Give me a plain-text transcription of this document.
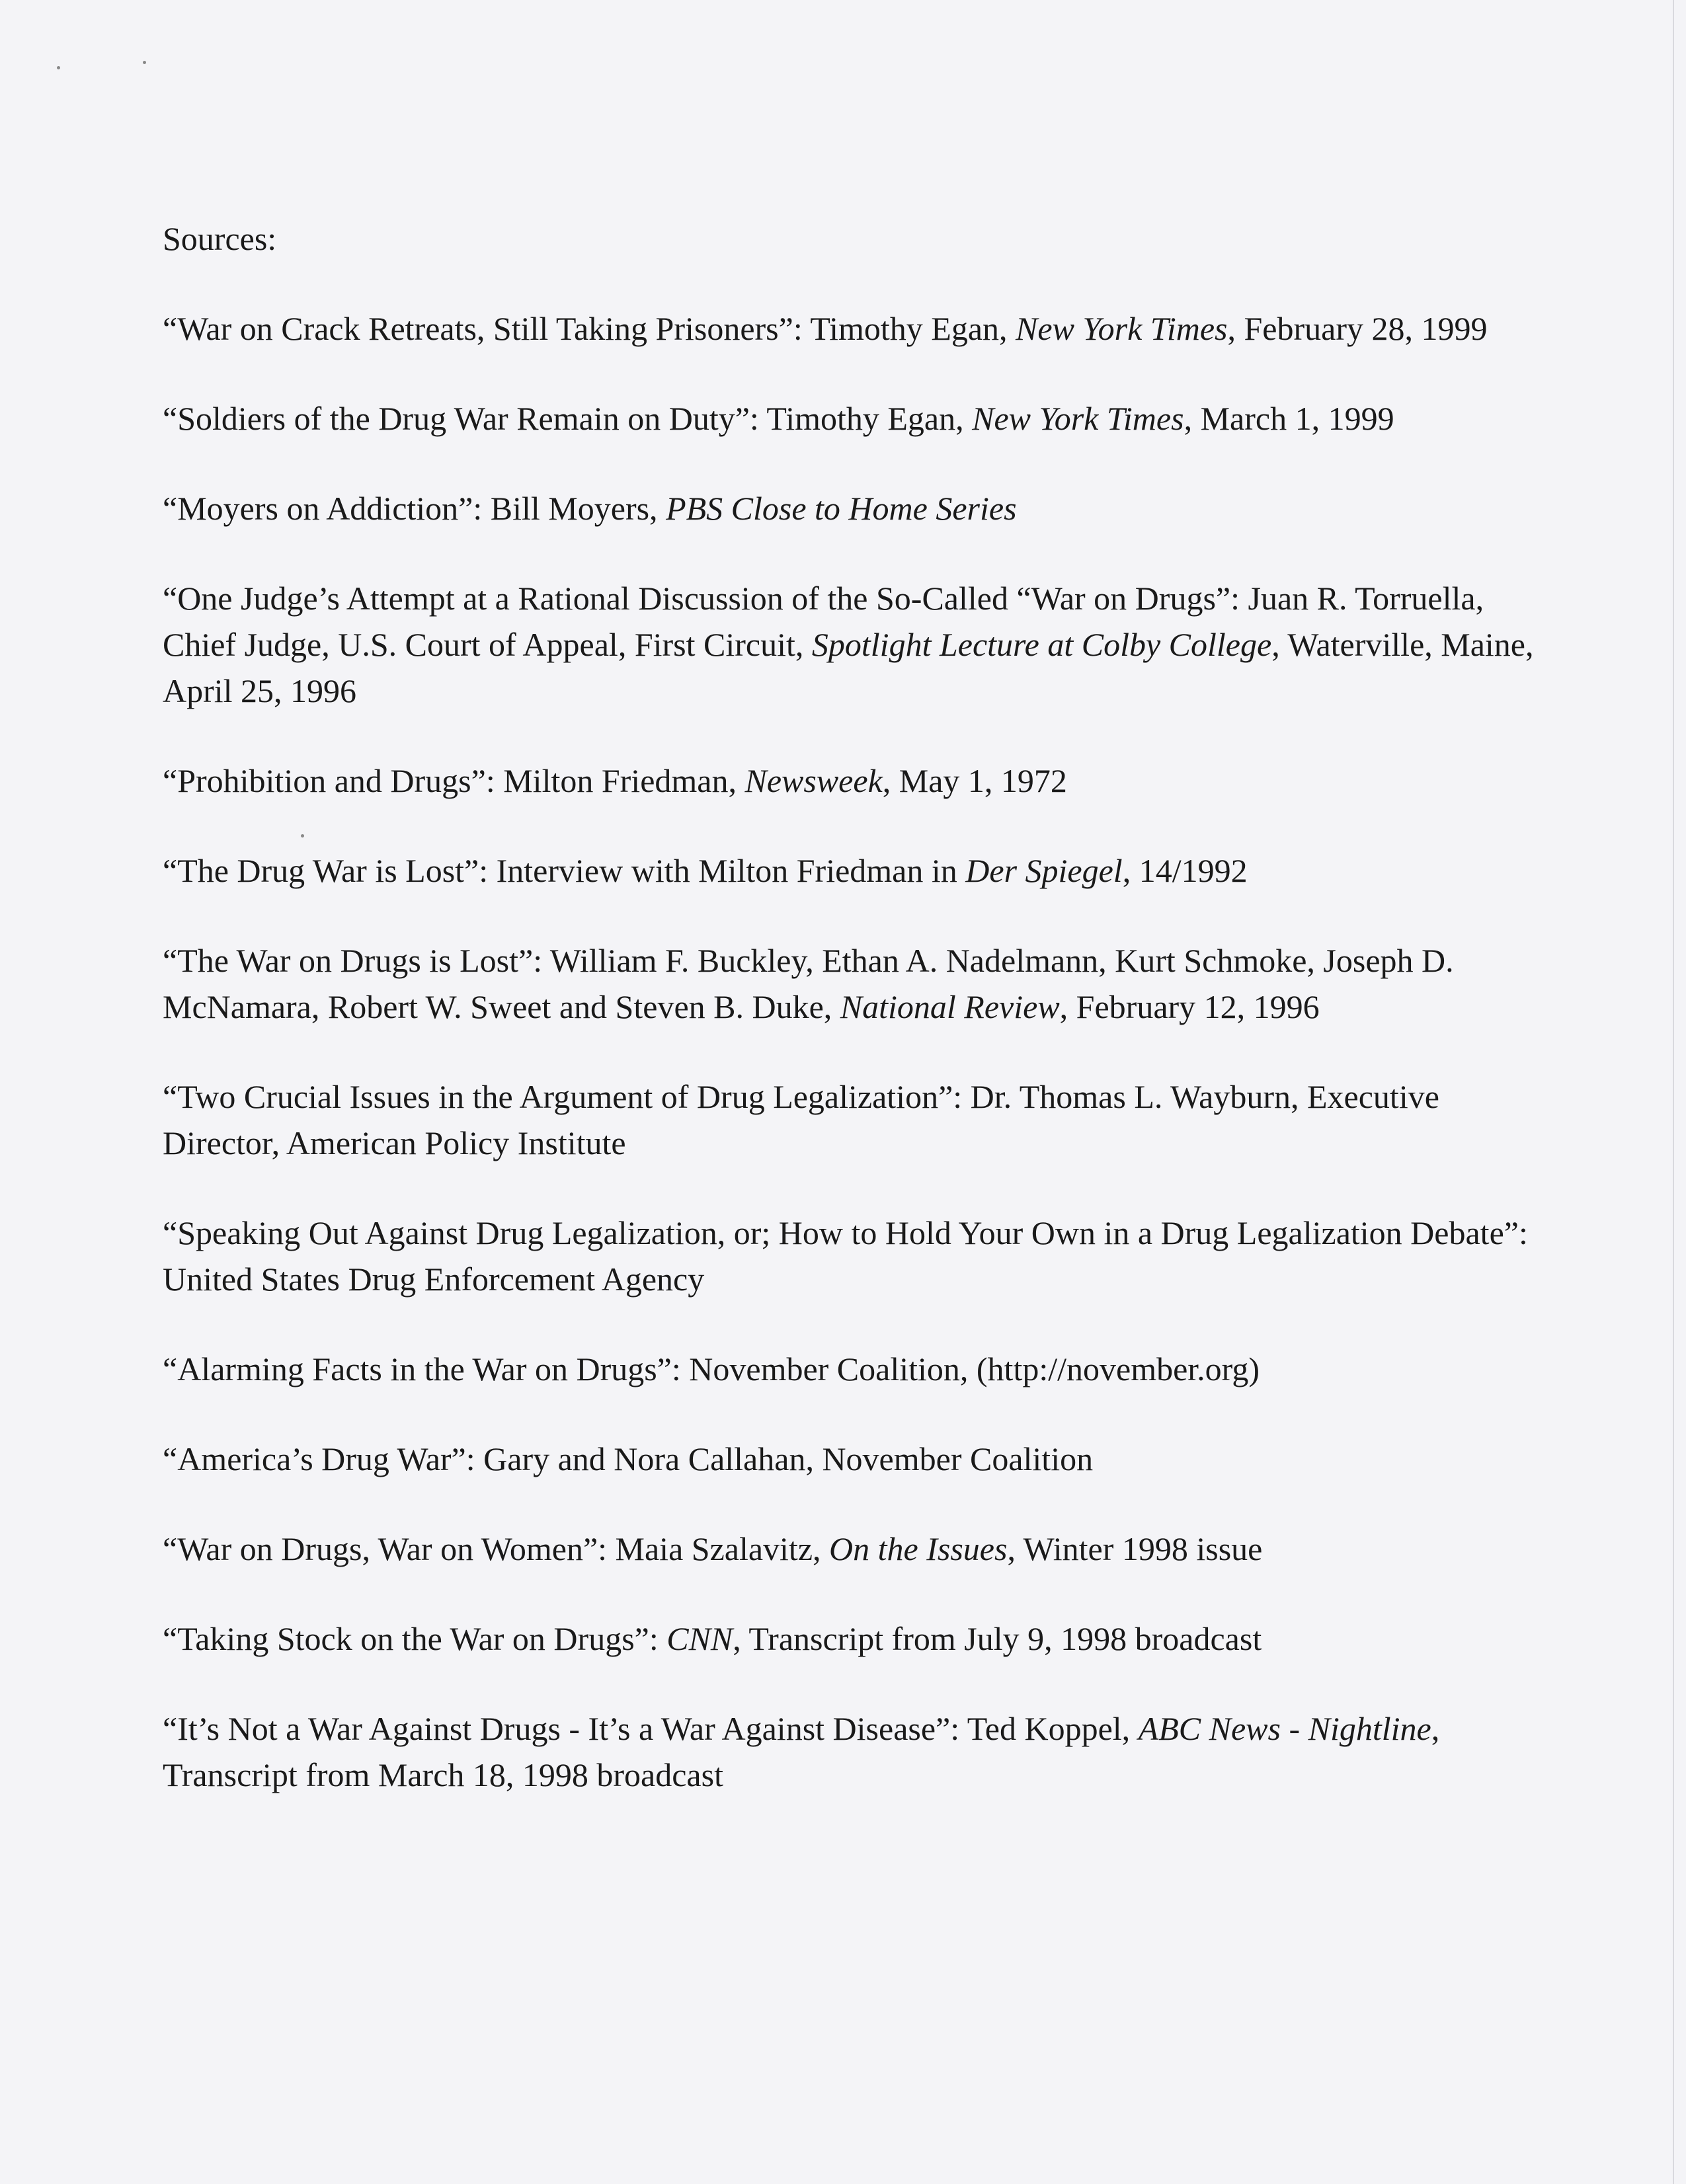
Sources:
“War on Crack Retreats, Still Taking Prisoners”: Timothy Egan, New York Times, February 28, 1999
“Soldiers of the Drug War Remain on Duty”: Timothy Egan, New York Times, March 1, 1999
“Moyers on Addiction”: Bill Moyers, PBS Close to Home Series
“One Judge’s Attempt at a Rational Discussion of the So-Called “War on Drugs”: Juan R. Torruella, Chief Judge, U.S. Court of Appeal, First Circuit, Spotlight Lecture at Colby College, Waterville, Maine, April 25, 1996
“Prohibition and Drugs”: Milton Friedman, Newsweek, May 1, 1972
“The Drug War is Lost”: Interview with Milton Friedman in Der Spiegel, 14/1992
“The War on Drugs is Lost”: William F. Buckley, Ethan A. Nadelmann, Kurt Schmoke, Joseph D. McNamara, Robert W. Sweet and Steven B. Duke, National Review, February 12, 1996
“Two Crucial Issues in the Argument of Drug Legalization”: Dr. Thomas L. Wayburn, Executive Director, American Policy Institute
“Speaking Out Against Drug Legalization, or; How to Hold Your Own in a Drug Legalization Debate”: United States Drug Enforcement Agency
“Alarming Facts in the War on Drugs”: November Coalition, (http://november.org)
“America’s Drug War”: Gary and Nora Callahan, November Coalition
“War on Drugs, War on Women”: Maia Szalavitz, On the Issues, Winter 1998 issue
“Taking Stock on the War on Drugs”: CNN, Transcript from July 9, 1998 broadcast
“It’s Not a War Against Drugs - It’s a War Against Disease”: Ted Koppel, ABC News - Nightline, Transcript from March 18, 1998 broadcast
